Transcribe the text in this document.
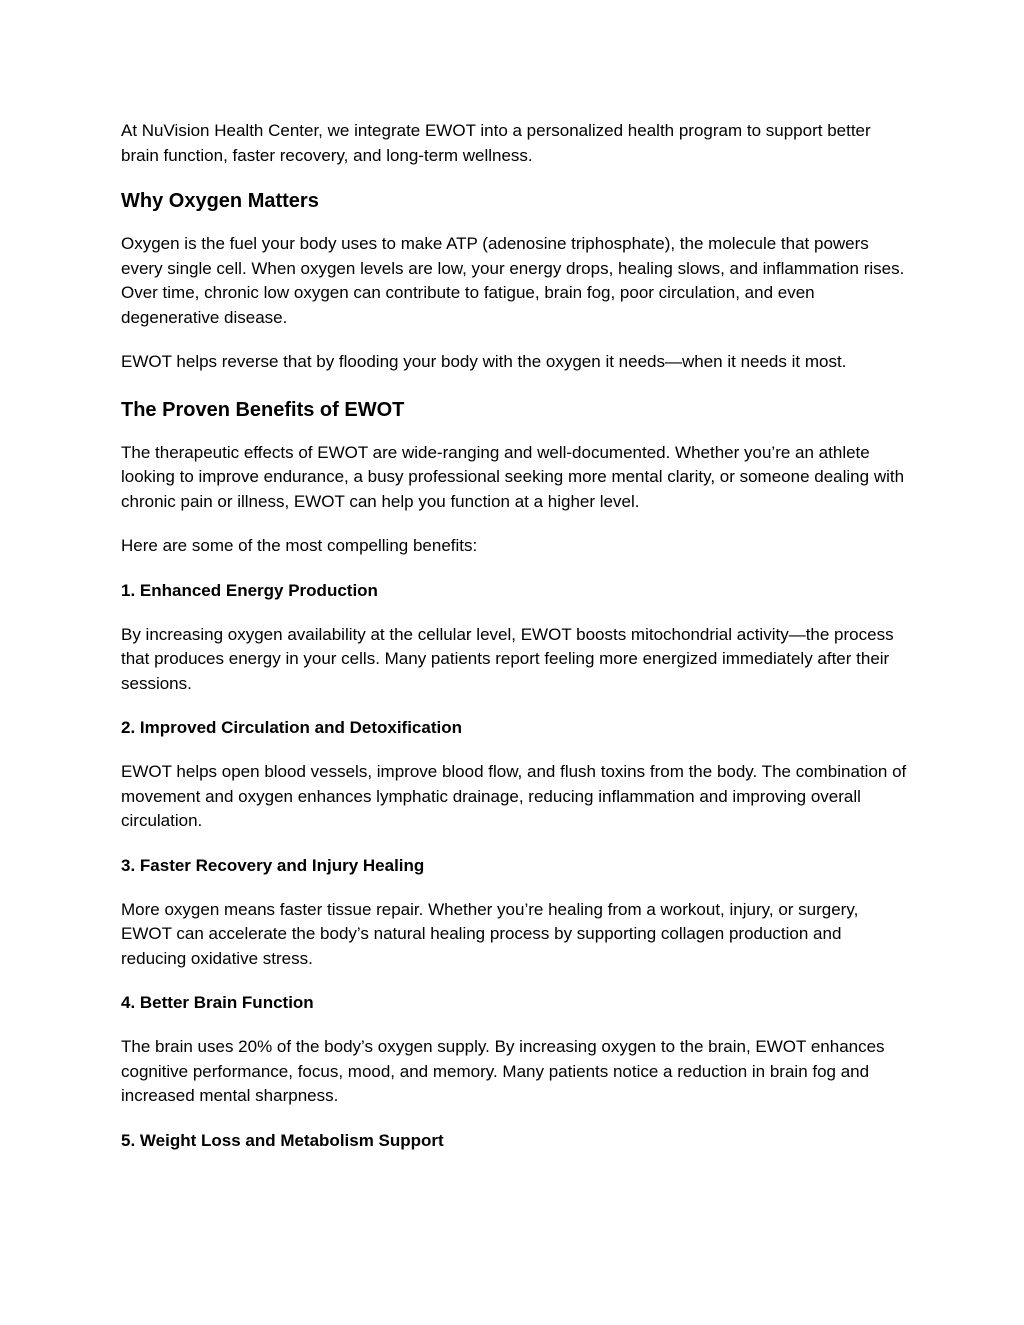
At NuVision Health Center, we integrate EWOT into a personalized health program to support better brain function, faster recovery, and long-term wellness.

Why Oxygen Matters

Oxygen is the fuel your body uses to make ATP (adenosine triphosphate), the molecule that powers every single cell. When oxygen levels are low, your energy drops, healing slows, and inflammation rises. Over time, chronic low oxygen can contribute to fatigue, brain fog, poor circulation, and even degenerative disease.

EWOT helps reverse that by flooding your body with the oxygen it needs—when it needs it most.

The Proven Benefits of EWOT

The therapeutic effects of EWOT are wide-ranging and well-documented. Whether you’re an athlete looking to improve endurance, a busy professional seeking more mental clarity, or someone dealing with chronic pain or illness, EWOT can help you function at a higher level.

Here are some of the most compelling benefits:

1. Enhanced Energy Production

By increasing oxygen availability at the cellular level, EWOT boosts mitochondrial activity—the process that produces energy in your cells. Many patients report feeling more energized immediately after their sessions.

2. Improved Circulation and Detoxification

EWOT helps open blood vessels, improve blood flow, and flush toxins from the body. The combination of movement and oxygen enhances lymphatic drainage, reducing inflammation and improving overall circulation.

3. Faster Recovery and Injury Healing

More oxygen means faster tissue repair. Whether you’re healing from a workout, injury, or surgery, EWOT can accelerate the body’s natural healing process by supporting collagen production and reducing oxidative stress.

4. Better Brain Function

The brain uses 20% of the body’s oxygen supply. By increasing oxygen to the brain, EWOT enhances cognitive performance, focus, mood, and memory. Many patients notice a reduction in brain fog and increased mental sharpness.

5. Weight Loss and Metabolism Support
